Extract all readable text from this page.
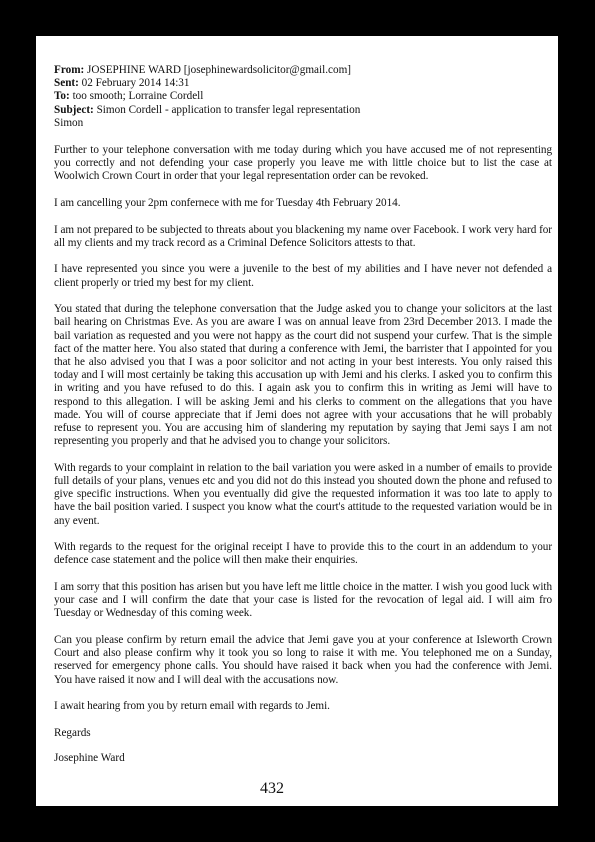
From: JOSEPHINE WARD [josephinewardsolicitor@gmail.com]
Sent: 02 February 2014 14:31
To: too smooth; Lorraine Cordell
Subject: Simon Cordell - application to transfer legal representation
Simon

Further to your telephone conversation with me today during which you have accused me of not representing you correctly and not defending your case properly you leave me with little choice but to list the case at Woolwich Crown Court in order that your legal representation order can be revoked.

I am cancelling your 2pm confernece with me for Tuesday 4th February 2014.

I am not prepared to be subjected to threats about you blackening my name over Facebook. I work very hard for all my clients and my track record as a Criminal Defence Solicitors attests to that.

I have represented you since you were a juvenile to the best of my abilities and I have never not defended a client properly or tried my best for my client.

You stated that during the telephone conversation that the Judge asked you to change your solicitors at the last bail hearing on Christmas Eve. As you are aware I was on annual leave from 23rd December 2013. I made the bail variation as requested and you were not happy as the court did not suspend your curfew. That is the simple fact of the matter here. You also stated that during a conference with Jemi, the barrister that I appointed for you that he also advised you that I was a poor solicitor and not acting in your best interests. You only raised this today and I will most certainly be taking this accusation up with Jemi and his clerks. I asked you to confirm this in writing and you have refused to do this. I again ask you to confirm this in writing as Jemi will have to respond to this allegation. I will be asking Jemi and his clerks to comment on the allegations that you have made. You will of course appreciate that if Jemi does not agree with your accusations that he will probably refuse to represent you. You are accusing him of slandering my reputation by saying that Jemi says I am not representing you properly and that he advised you to change your solicitors.

With regards to your complaint in relation to the bail variation you were asked in a number of emails to provide full details of your plans, venues etc and you did not do this instead you shouted down the phone and refused to give specific instructions. When you eventually did give the requested information it was too late to apply to have the bail position varied. I suspect you know what the court's attitude to the requested variation would be in any event.

With regards to the request for the original receipt I have to provide this to the court in an addendum to your defence case statement and the police will then make their enquiries.

I am sorry that this position has arisen but you have left me little choice in the matter. I wish you good luck with your case and I will confirm the date that your case is listed for the revocation of legal aid. I will aim fro Tuesday or Wednesday of this coming week.

Can you please confirm by return email the advice that Jemi gave you at your conference at Isleworth Crown Court and also please confirm why it took you so long to raise it with me. You telephoned me on a Sunday, reserved for emergency phone calls. You should have raised it back when you had the conference with Jemi. You have raised it now and I will deal with the accusations now.

I await hearing from you by return email with regards to Jemi.

Regards

Josephine Ward

432
